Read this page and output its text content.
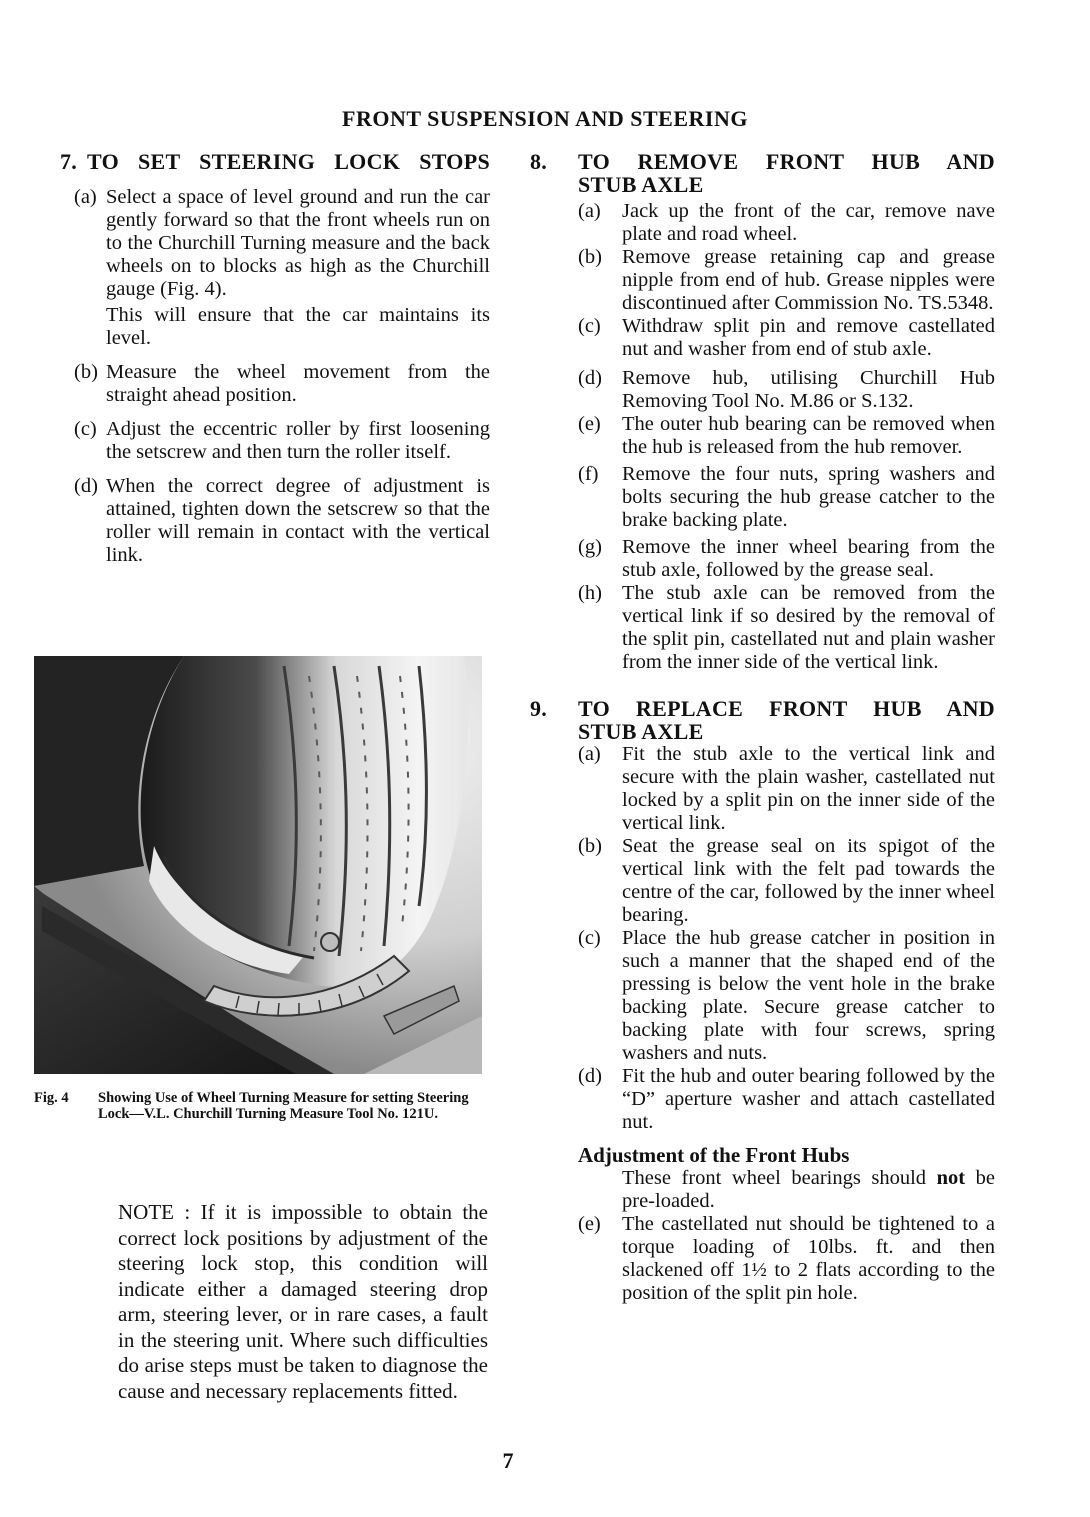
FRONT SUSPENSION AND STEERING
7. TO SET STEERING LOCK STOPS
(a) Select a space of level ground and run the car gently forward so that the front wheels run on to the Churchill Turning measure and the back wheels on to blocks as high as the Churchill gauge (Fig. 4).
This will ensure that the car maintains its level.
(b) Measure the wheel movement from the straight ahead position.
(c) Adjust the eccentric roller by first loosening the setscrew and then turn the roller itself.
(d) When the correct degree of adjustment is attained, tighten down the setscrew so that the roller will remain in contact with the vertical link.
Fig. 4	Showing Use of Wheel Turning Measure for setting Steering Lock—V.L. Churchill Turning Measure Tool No. 121U.
NOTE : If it is impossible to obtain the correct lock positions by adjustment of the steering lock stop, this condition will indicate either a damaged steering drop arm, steering lever, or in rare cases, a fault in the steering unit. Where such difficulties do arise steps must be taken to diagnose the cause and necessary replacements fitted.
8.	TO REMOVE FRONT HUB AND
STUB AXLE
(a)	Jack up the front of the car, remove nave plate and road wheel.
(b) Remove grease retaining cap and grease nipple from end of hub. Grease nipples were discontinued after Commission No. TS.5348.
(c)	Withdraw split pin and remove castellated nut and washer from end of stub axle.
(d) Remove hub, utilising Churchill Hub Removing Tool No. M.86 or S.132.
(e)	The outer hub bearing can be removed when the hub is released from the hub remover.
(f)	Remove the four nuts, spring washers and bolts securing the hub grease catcher to the brake backing plate.
(g) Remove the inner wheel bearing from the stub axle, followed by the grease seal.
(h) The stub axle can be removed from the vertical link if so desired by the removal of the split pin, castellated nut and plain washer from the inner side of the vertical link.
9.	TO REPLACE FRONT HUB AND
STUB AXLE
(a)	Fit the stub axle to the vertical link and secure with the plain washer, castellated nut locked by a split pin on the inner side of the vertical link.
(b) Seat the grease seal on its spigot of the vertical link with the felt pad towards the centre of the car, followed by the inner wheel bearing.
(c)	Place the hub grease catcher in position in such a manner that the shaped end of the pressing is below the vent hole in the brake backing plate. Secure grease catcher to backing plate with four screws, spring washers and nuts.
(d) Fit the hub and outer bearing followed by the “D” aperture washer and attach castellated nut.
Adjustment of the Front Hubs
These front wheel bearings should not be pre-loaded.
(e)	The castellated nut should be tightened to a torque loading of 10lbs. ft. and then slackened off 1½ to 2 flats according to the position of the split pin hole.
7
